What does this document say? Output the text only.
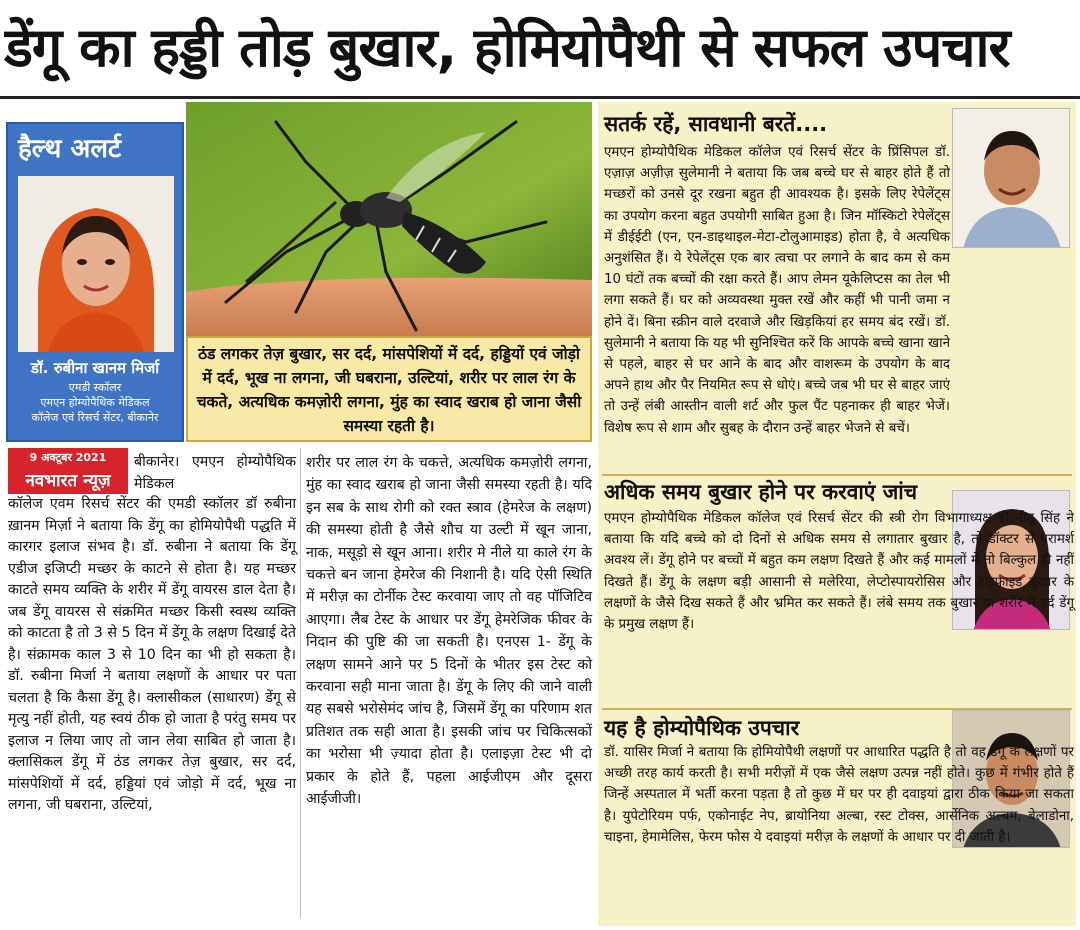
डेंगू का हड्डी तोड़ बुखार, होमियोपैथी से सफल उपचार
हैल्थ अलर्ट
डॉ. रुबीना खानम मिर्जा
एमडी स्कॉलर
एमएन होम्योपैथिक मेडिकल
कॉलेज एवं रिसर्च सेंटर, बीकानेर
ठंड लगकर तेज़ बुखार, सर दर्द, मांसपेशियों में दर्द, हड्डियों एवं जोड़ो में दर्द, भूख ना लगना, जी घबराना, उल्टियां, शरीर पर लाल रंग के चकते, अत्यधिक कमज़ोरी लगना, मुंह का स्वाद खराब हो जाना जैसी समस्या रहती है।
9 अक्टूबर 2021
नवभारत न्यूज़
बीकानेर। एमएन होम्योपैथिक मेडिकल
कॉलेज एवम रिसर्च सेंटर की एमडी स्कॉलर डॉ रुबीना ख़ानम मिर्ज़ा ने बताया कि डेंगू का होमियोपैथी पद्धति में कारगर इलाज संभव है। डॉ. रुबीना ने बताया कि डेंगू एडीज इजिप्टी मच्छर के काटने से होता है। यह मच्छर काटते समय व्यक्ति के शरीर में डेंगू वायरस डाल देता है। जब डेंगू वायरस से संक्रमित मच्छर किसी स्वस्थ व्यक्ति को काटता है तो 3 से 5 दिन में डेंगू के लक्षण दिखाई देते है। संक्रामक काल 3 से 10 दिन का भी हो सकता है। डॉ. रुबीना मिर्जा ने बताया लक्षणों के आधार पर पता चलता है कि कैसा डेंगू है। क्लासीकल (साधारण) डेंगू से मृत्यु नहीं होती, यह स्वयं ठीक हो जाता है परंतु समय पर इलाज न लिया जाए तो जान लेवा साबित हो जाता है। क्लासिकल डेंगू में ठंड लगकर तेज़ बुखार, सर दर्द, मांसपेशियों में दर्द, हड्डियां एवं जोड़ो में दर्द, भूख ना लगना, जी घबराना, उल्टियां,
शरीर पर लाल रंग के चकत्ते, अत्यधिक कमज़ोरी लगना, मुंह का स्वाद खराब हो जाना जैसी समस्या रहती है। यदि इन सब के साथ रोगी को रक्त स्त्राव (हेमरेज के लक्षण) की समस्या होती है जैसे शौच या उल्टी में खून जाना, नाक, मसूड़ो से खून आना। शरीर मे नीले या काले रंग के चकत्ते बन जाना हेमरेज की निशानी है। यदि ऐसी स्थिति में मरीज़ का टोर्नीक टेस्ट करवाया जाए तो वह पॉजिटिव आएगा। लैब टेस्ट के आधार पर डेंगू हेमरेजिक फीवर के निदान की पुष्टि की जा सकती है। एनएस 1- डेंगू के लक्षण सामने आने पर 5 दिनों के भीतर इस टेस्ट को करवाना सही माना जाता है। डेंगू के लिए की जाने वाली यह सबसे भरोसेमंद जांच है, जिसमें डेंगू का परिणाम शत प्रतिशत तक सही आता है। इसकी जांच पर चिकित्सकों का भरोसा भी ज़्यादा होता है। एलाइज़ा टेस्ट भी दो प्रकार के होते हैं, पहला आईजीएम और दूसरा आईजीजी।
सतर्क रहें, सावधानी बरतें....
एमएन होम्योपैथिक मेडिकल कॉलेज एवं रिसर्च सेंटर के प्रिंसिपल डॉ. एज़ाज़ अज़ीज़ सुलेमानी ने बताया कि जब बच्चे घर से बाहर होते हैं तो मच्छरों को उनसे दूर रखना बहुत ही आवश्यक है। इसके लिए रेपेलेंट्स का उपयोग करना बहुत उपयोगी साबित हुआ है। जिन मॉस्किटो रेपेलेंट्स में डीईईटी (एन, एन-डाइथाइल-मेटा-टोलुआमाइड) होता है, वे अत्यधिक अनुशंसित हैं। ये रेपेलेंट्स एक बार त्वचा पर लगाने के बाद कम से कम 10 घंटों तक बच्चों की रक्षा करते हैं। आप लेमन यूकेलिप्टस का तेल भी लगा सकते हैं। घर को अव्यवस्था मुक्त रखें और कहीं भी पानी जमा न होने दें। बिना स्क्रीन वाले दरवाजे और खिड़कियां हर समय बंद रखें। डॉ. सुलेमानी ने बताया कि यह भी सुनिश्चित करें कि आपके बच्चे खाना खाने से पहले, बाहर से घर आने के बाद और वाशरूम के उपयोग के बाद अपने हाथ और पैर नियमित रूप से धोएं। बच्चे जब भी घर से बाहर जाएं तो उन्हें लंबी आस्तीन वाली शर्ट और फुल पैंट पहनाकर ही बाहर भेजें। विशेष रूप से शाम और सुबह के दौरान उन्हें बाहर भेजने से बचें।
अधिक समय बुखार होने पर करवाएं जांच
एमएन होम्योपैथिक मेडिकल कॉलेज एवं रिसर्च सेंटर की स्त्री रोग विभागाध्यक्ष डॉ नीतू सिंह ने बताया कि यदि बच्चे को दो दिनों से अधिक समय से लगातार बुखार है, तो डॉक्टर से परामर्श अवश्य लें। डेंगू होने पर बच्चों में बहुत कम लक्षण दिखते हैं और कई मामलों में तो बिल्कुल ही नहीं दिखते हैं। डेंगू के लक्षण बड़ी आसानी से मलेरिया, लेप्टोस्पायरोसिस और टाइफाइड बुखार के लक्षणों के जैसे दिख सकते हैं और भ्रमित कर सकते हैं। लंबे समय तक बुखार या शरीर में दर्द डेंगू के प्रमुख लक्षण हैं।
यह है होम्योपैथिक उपचार
डॉ. यासिर मिर्जा ने बताया कि होमियोपैथी लक्षणों पर आधारित पद्धति है तो वह डेंगू के लक्षणों पर अच्छी तरह कार्य करती है। सभी मरीज़ों में एक जैसे लक्षण उत्पन्न नहीं होते। कुछ में गंभीर होते हैं जिन्हें अस्पताल में भर्ती करना पड़ता है तो कुछ में घर पर ही दवाइयां द्वारा ठीक किया जा सकता है। युपेटोरियम पर्फ, एकोनाईट नेप, ब्रायोनिया अल्बा, रस्ट टोक्स, आर्सेनिक अल्बम, बेलाडोना, चाइना, हेमामेलिस, फेरम फोस ये दवाइयां मरीज़ के लक्षणों के आधार पर दी जाती है।
